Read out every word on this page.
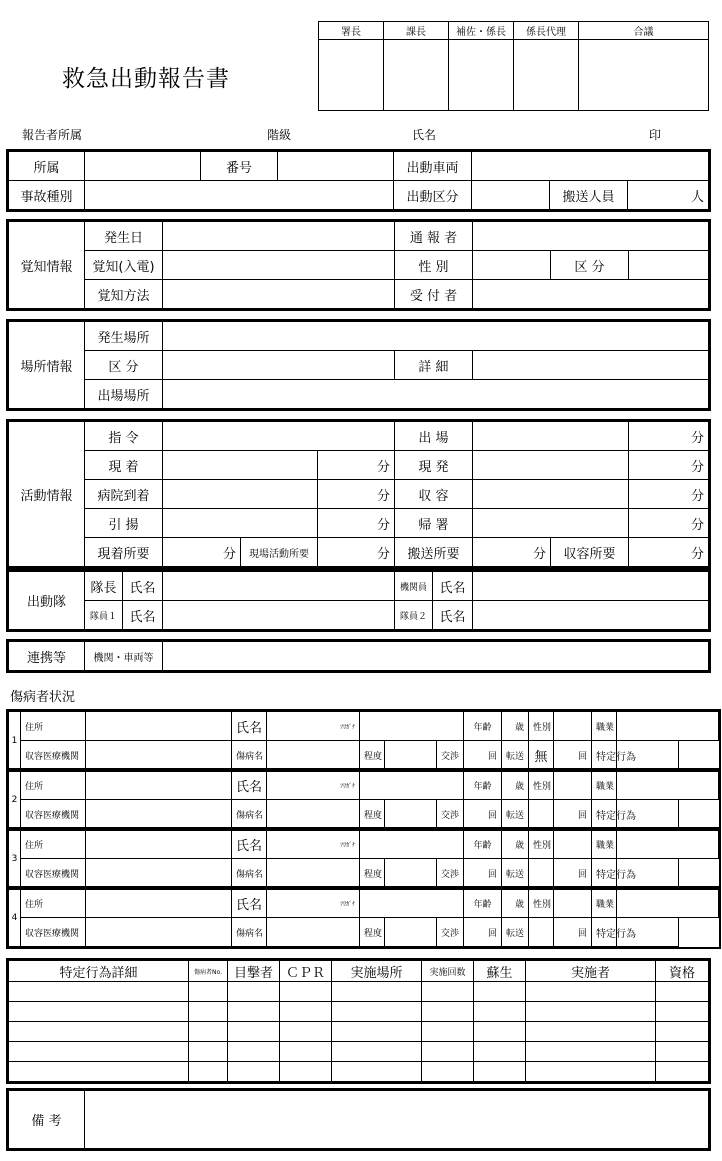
救急出動報告書
署長	課長	補佐・係長	係長代理	合議

報告者所属	階級	氏名	印
所属		番号		出動車両			
事故種別				出動区分		搬送人員	人
覚知情報	発生日		通 報 者			
	覚知(入電)		性 別		区 分	
	覚知方法		受 付 者			
場所情報	発生場所			
	区 分		詳 細	
	出場場所			
活動情報	指 令				出 場			分
	現 着			分	現 発			分
	病院到着			分	収 容			分
	引 揚			分	帰 署			分
	現着所要	分	現場活動所要	分	搬送所要	分	収容所要	分
出動隊	隊長	氏名		機関員	氏名	
	隊員１	氏名		隊員２	氏名	
連携等	機関・車両等	
傷病者状況
1	住所		氏名	ﾌﾘｶﾞﾅ				年齢	歳	性別		職業	
	収容医療機関		傷病名		程度		交渉	回	転送	無	回	特定行為	
2	住所		氏名	ﾌﾘｶﾞﾅ				年齢	歳	性別		職業	
	収容医療機関		傷病名		程度		交渉	回	転送		回	特定行為	
3	住所		氏名	ﾌﾘｶﾞﾅ				年齢	歳	性別		職業	
	収容医療機関		傷病名		程度		交渉	回	転送		回	特定行為	
4	住所		氏名	ﾌﾘｶﾞﾅ				年齢	歳	性別		職業	
	収容医療機関		傷病名		程度		交渉	回	転送		回	特定行為	
特定行為詳細	傷病者No.	目撃者	ＣＰＲ	実施場所	実施回数	蘇生	実施者	資格

備 考	
